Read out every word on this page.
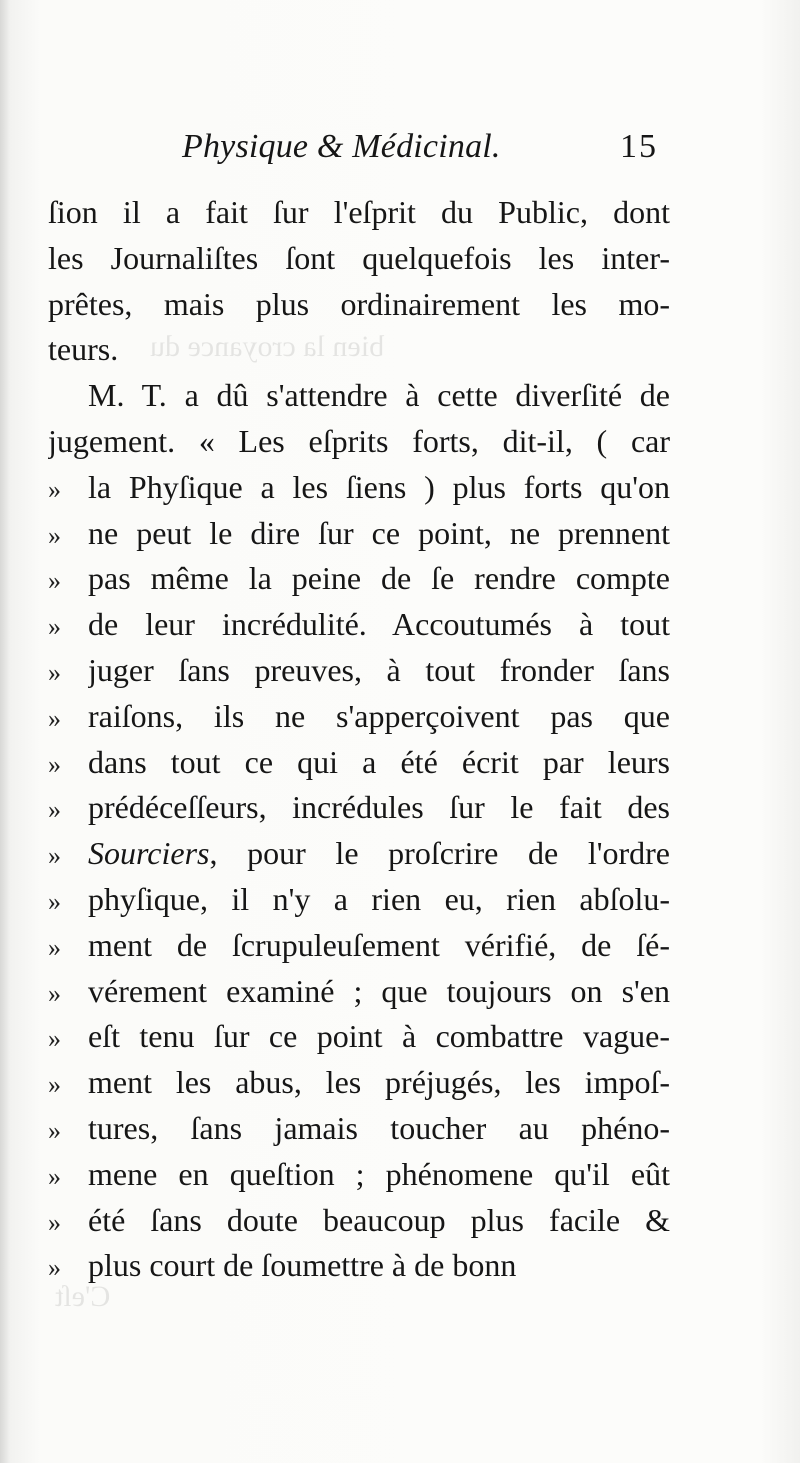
bien la croyance du
C'eſt
Physique & Médicinal.	15
ſion il a fait ſur l'eſprit du Public, dont
les Journaliſtes ſont quelquefois les inter-
prêtes, mais plus ordinairement les mo-
teurs.
M. T. a dû s'attendre à cette diverſité de
jugement. « Les eſprits forts, dit-il, ( car
» la Phyſique a les ſiens ) plus forts qu'on
» ne peut le dire ſur ce point, ne prennent
» pas même la peine de ſe rendre compte
» de leur incrédulité. Accoutumés à tout
» juger ſans preuves, à tout fronder ſans
» raiſons, ils ne s'apperçoivent pas que
» dans tout ce qui a été écrit par leurs
» prédéceſſeurs, incrédules ſur le fait des
» Sourciers, pour le proſcrire de l'ordre
» phyſique, il n'y a rien eu, rien abſolu-
» ment de ſcrupuleuſement vérifié, de ſé-
» vérement examiné ; que toujours on s'en
» eſt tenu ſur ce point à combattre vague-
» ment les abus, les préjugés, les impoſ-
» tures, ſans jamais toucher au phéno-
» mene en queſtion ; phénomene qu'il eût
» été ſans doute beaucoup plus facile &
» plus court de ſoumettre à de bonn
